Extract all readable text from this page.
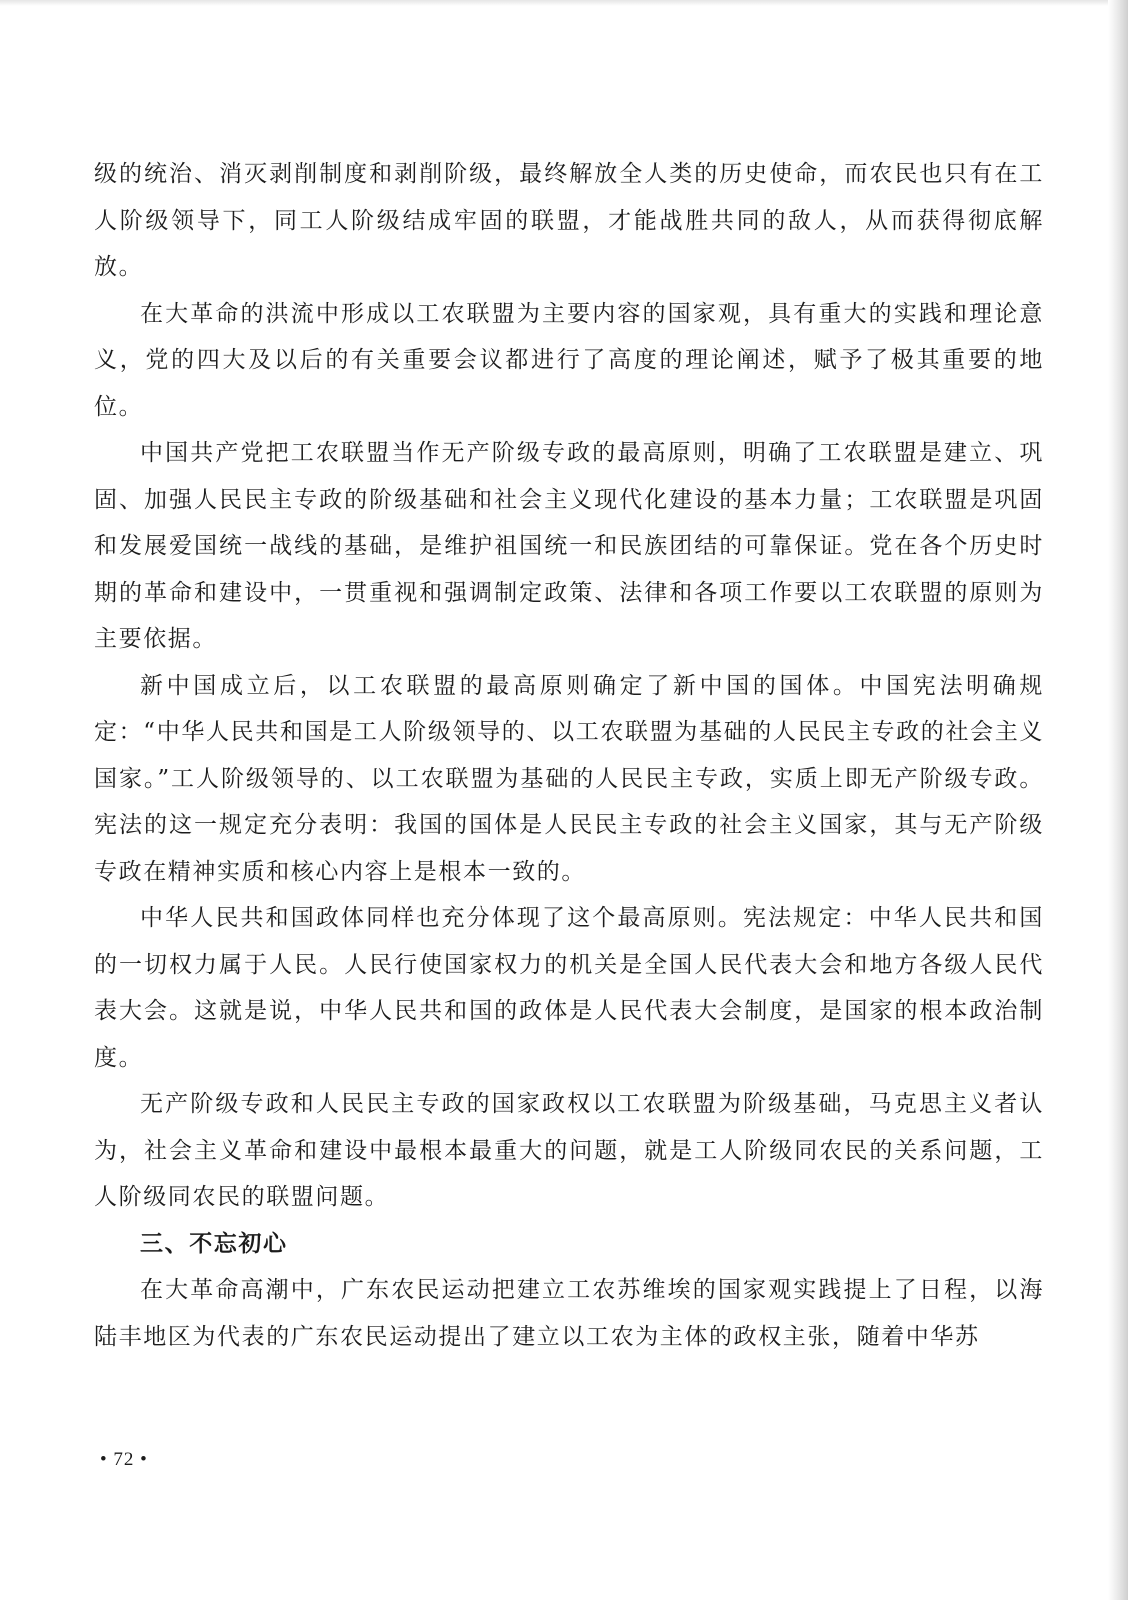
级的统治、消灭剥削制度和剥削阶级，最终解放全人类的历史使命，而农民也只有在工人阶级领导下，同工人阶级结成牢固的联盟，才能战胜共同的敌人，从而获得彻底解放。

在大革命的洪流中形成以工农联盟为主要内容的国家观，具有重大的实践和理论意义，党的四大及以后的有关重要会议都进行了高度的理论阐述，赋予了极其重要的地位。

中国共产党把工农联盟当作无产阶级专政的最高原则，明确了工农联盟是建立、巩固、加强人民民主专政的阶级基础和社会主义现代化建设的基本力量；工农联盟是巩固和发展爱国统一战线的基础，是维护祖国统一和民族团结的可靠保证。党在各个历史时期的革命和建设中，一贯重视和强调制定政策、法律和各项工作要以工农联盟的原则为主要依据。

新中国成立后，以工农联盟的最高原则确定了新中国的国体。中国宪法明确规定：“中华人民共和国是工人阶级领导的、以工农联盟为基础的人民民主专政的社会主义国家。”工人阶级领导的、以工农联盟为基础的人民民主专政，实质上即无产阶级专政。宪法的这一规定充分表明：我国的国体是人民民主专政的社会主义国家，其与无产阶级专政在精神实质和核心内容上是根本一致的。

中华人民共和国政体同样也充分体现了这个最高原则。宪法规定：中华人民共和国的一切权力属于人民。人民行使国家权力的机关是全国人民代表大会和地方各级人民代表大会。这就是说，中华人民共和国的政体是人民代表大会制度，是国家的根本政治制度。

无产阶级专政和人民民主专政的国家政权以工农联盟为阶级基础，马克思主义者认为，社会主义革命和建设中最根本最重大的问题，就是工人阶级同农民的关系问题，工人阶级同农民的联盟问题。

三、不忘初心

在大革命高潮中，广东农民运动把建立工农苏维埃的国家观实践提上了日程，以海陆丰地区为代表的广东农民运动提出了建立以工农为主体的政权主张，随着中华苏

• 72 •
